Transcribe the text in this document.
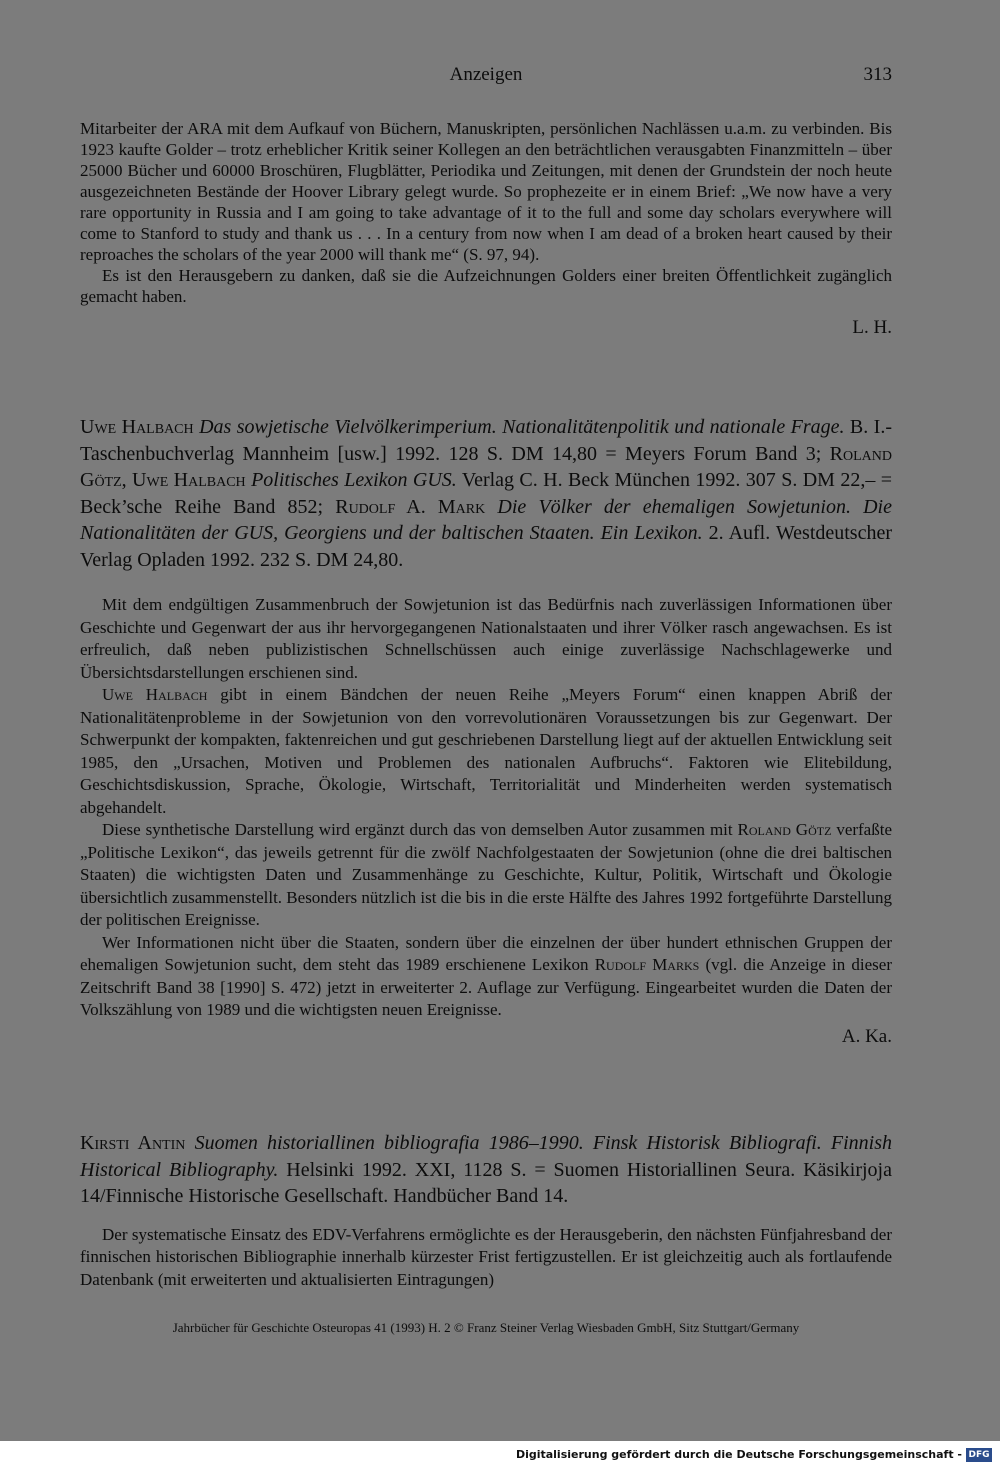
Anzeigen	313

Mitarbeiter der ARA mit dem Aufkauf von Büchern, Manuskripten, persönlichen Nachlässen u.a.m. zu verbinden. Bis 1923 kaufte Golder – trotz erheblicher Kritik seiner Kollegen an den beträchtlichen verausgabten Finanzmitteln – über 25000 Bücher und 60000 Broschüren, Flugblätter, Periodika und Zeitungen, mit denen der Grundstein der noch heute ausgezeichneten Bestände der Hoover Library gelegt wurde. So prophezeite er in einem Brief: „We now have a very rare opportunity in Russia and I am going to take advantage of it to the full and some day scholars everywhere will come to Stanford to study and thank us . . . In a century from now when I am dead of a broken heart caused by their reproaches the scholars of the year 2000 will thank me“ (S. 97, 94).

Es ist den Herausgebern zu danken, daß sie die Aufzeichnungen Golders einer breiten Öffentlichkeit zugänglich gemacht haben.

L. H.

Uwe Halbach Das sowjetische Vielvölkerimperium. Nationalitätenpolitik und nationale Frage. B. I.-Taschenbuchverlag Mannheim [usw.] 1992. 128 S. DM 14,80 = Meyers Forum Band 3; Roland Götz, Uwe Halbach Politisches Lexikon GUS. Verlag C. H. Beck München 1992. 307 S. DM 22,– = Beck’sche Reihe Band 852; Rudolf A. Mark Die Völker der ehemaligen Sowjetunion. Die Nationalitäten der GUS, Georgiens und der baltischen Staaten. Ein Lexikon. 2. Aufl. Westdeutscher Verlag Opladen 1992. 232 S. DM 24,80.

Mit dem endgültigen Zusammenbruch der Sowjetunion ist das Bedürfnis nach zuverlässigen Informationen über Geschichte und Gegenwart der aus ihr hervorgegangenen Nationalstaaten und ihrer Völker rasch angewachsen. Es ist erfreulich, daß neben publizistischen Schnellschüssen auch einige zuverlässige Nachschlagewerke und Übersichtsdarstellungen erschienen sind.

Uwe Halbach gibt in einem Bändchen der neuen Reihe „Meyers Forum“ einen knappen Abriß der Nationalitätenprobleme in der Sowjetunion von den vorrevolutionären Voraussetzungen bis zur Gegenwart. Der Schwerpunkt der kompakten, faktenreichen und gut geschriebenen Darstellung liegt auf der aktuellen Entwicklung seit 1985, den „Ursachen, Motiven und Problemen des nationalen Aufbruchs“. Faktoren wie Elitebildung, Geschichtsdiskussion, Sprache, Ökologie, Wirtschaft, Territorialität und Minderheiten werden systematisch abgehandelt.

Diese synthetische Darstellung wird ergänzt durch das von demselben Autor zusammen mit Roland Götz verfaßte „Politische Lexikon“, das jeweils getrennt für die zwölf Nachfolgestaaten der Sowjetunion (ohne die drei baltischen Staaten) die wichtigsten Daten und Zusammenhänge zu Geschichte, Kultur, Politik, Wirtschaft und Ökologie übersichtlich zusammenstellt. Besonders nützlich ist die bis in die erste Hälfte des Jahres 1992 fortgeführte Darstellung der politischen Ereignisse.

Wer Informationen nicht über die Staaten, sondern über die einzelnen der über hundert ethnischen Gruppen der ehemaligen Sowjetunion sucht, dem steht das 1989 erschienene Lexikon Rudolf Marks (vgl. die Anzeige in dieser Zeitschrift Band 38 [1990] S. 472) jetzt in erweiterter 2. Auflage zur Verfügung. Eingearbeitet wurden die Daten der Volkszählung von 1989 und die wichtigsten neuen Ereignisse.

A. Ka.

Kirsti Antin Suomen historiallinen bibliografia 1986–1990. Finsk Historisk Bibliografi. Finnish Historical Bibliography. Helsinki 1992. XXI, 1128 S. = Suomen Historiallinen Seura. Käsikirjoja 14/Finnische Historische Gesellschaft. Handbücher Band 14.

Der systematische Einsatz des EDV-Verfahrens ermöglichte es der Herausgeberin, den nächsten Fünfjahresband der finnischen historischen Bibliographie innerhalb kürzester Frist fertigzustellen. Er ist gleichzeitig auch als fortlaufende Datenbank (mit erweiterten und aktualisierten Eintragungen)

Jahrbücher für Geschichte Osteuropas 41 (1993) H. 2 © Franz Steiner Verlag Wiesbaden GmbH, Sitz Stuttgart/Germany
Digitalisierung gefördert durch die Deutsche Forschungsgemeinschaft - DFG
